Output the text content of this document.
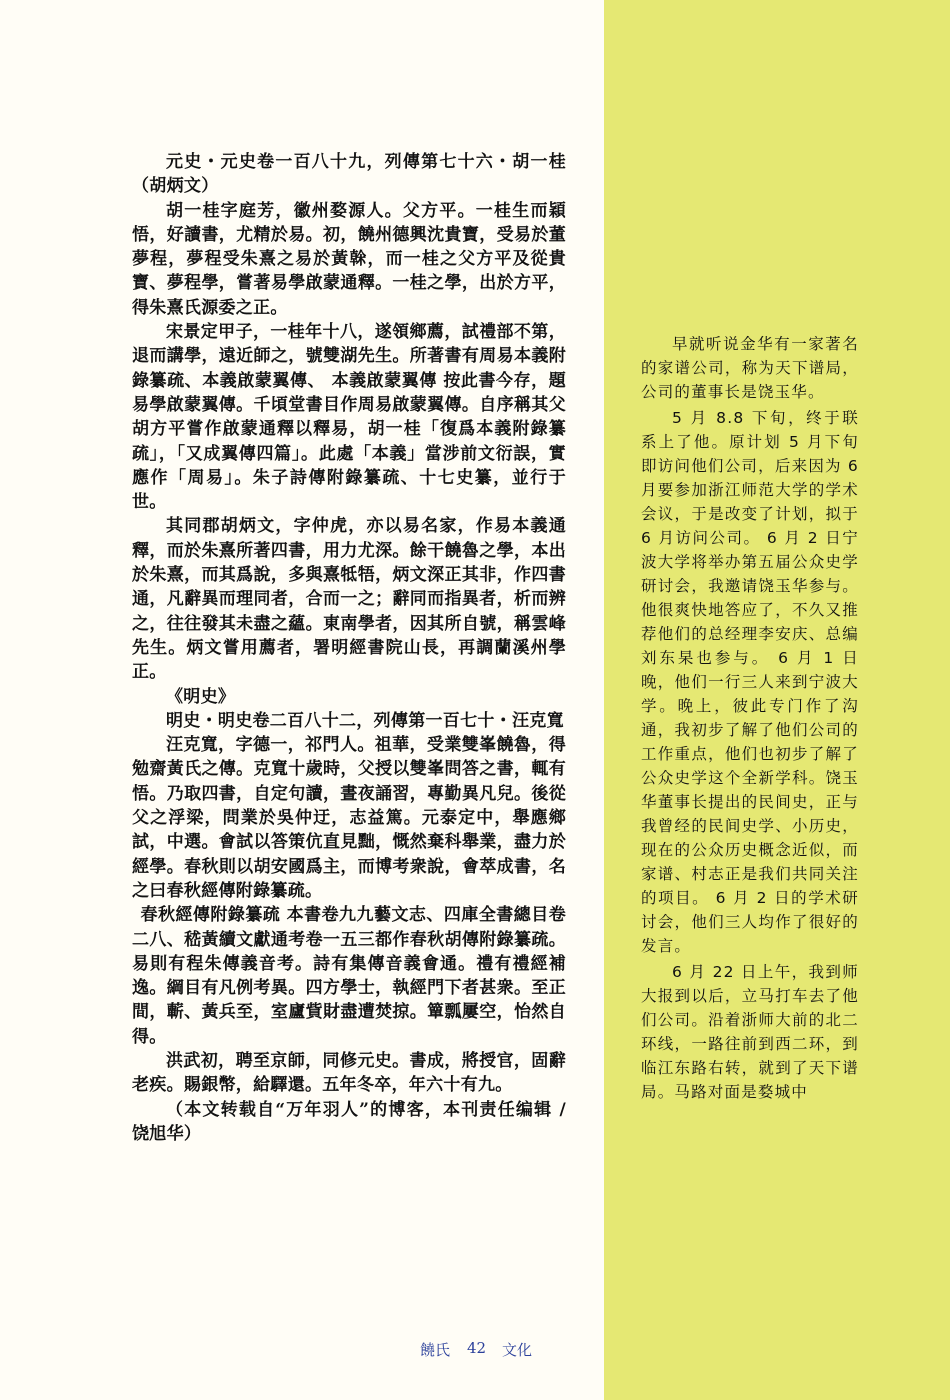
元史・元史卷一百八十九，列傳第七十六・胡一桂（胡炳文）

胡一桂字庭芳，徽州婺源人。父方平。一桂生而穎悟，好讀書，尤精於易。初，饒州德興沈貴寶，受易於董夢程，夢程受朱熹之易於黃榦，而一桂之父方平及從貴寶、夢程學，嘗著易學啟蒙通釋。一桂之學，出於方平，得朱熹氏源委之正。

宋景定甲子，一桂年十八，遂領鄉薦，試禮部不第，退而講學，遠近師之，號雙湖先生。所著書有周易本義附錄纂疏、本義啟蒙翼傳、 本義啟蒙翼傳 按此書今存，題易學啟蒙翼傳。千頃堂書目作周易啟蒙翼傳。自序稱其父胡方平嘗作啟蒙通釋以釋易，胡一桂「復爲本義附錄纂疏」，「又成翼傳四篇」。此處「本義」當涉前文衍誤，實應作「周易」。朱子詩傳附錄纂疏、十七史纂，並行于世。

其同郡胡炳文，字仲虎，亦以易名家，作易本義通釋，而於朱熹所著四書，用力尤深。餘干饒魯之學，本出於朱熹，而其爲說，多與熹牴牾，炳文深正其非，作四書通，凡辭異而理同者，合而一之；辭同而指異者，析而辨之，往往發其未盡之蘊。東南學者，因其所自號，稱雲峰先生。炳文嘗用薦者，署明經書院山長，再調蘭溪州學正。

《明史》

明史・明史卷二百八十二，列傳第一百七十・汪克寬

汪克寬，字德一，祁門人。祖華，受業雙峯饒魯，得勉齋黃氏之傳。克寬十歲時，父授以雙峯問答之書，輒有悟。乃取四書，自定句讀，晝夜誦習，專勤異凡兒。後從父之浮梁，問業於吳仲迂，志益篤。元泰定中，舉應鄉試，中選。會試以答策伉直見黜，慨然棄科舉業，盡力於經學。春秋則以胡安國爲主，而博考衆說，會萃成書，名之曰春秋經傳附錄纂疏。

春秋經傳附錄纂疏 本書卷九九藝文志、四庫全書總目卷二八、嵇黃續文獻通考卷一五三都作春秋胡傳附錄纂疏。易則有程朱傳義音考。詩有集傳音義會通。禮有禮經補逸。綱目有凡例考異。四方學士，執經門下者甚衆。至正間，蘄、黃兵至，室廬貲財盡遭焚掠。簞瓢屢空，怡然自得。

洪武初，聘至京師，同修元史。書成，將授官，固辭老疾。賜銀幣，給驛還。五年冬卒，年六十有九。

（本文转载自“万年羽人”的博客，本刊责任编辑 / 饶旭华）

早就听说金华有一家著名的家谱公司，称为天下谱局，公司的董事长是饶玉华。

5 月 8.8 下旬，终于联系上了他。原计划 5 月下旬即访问他们公司，后来因为 6 月要参加浙江师范大学的学术会议，于是改变了计划，拟于 6 月访问公司。 6 月 2 日宁波大学将举办第五届公众史学研讨会，我邀请饶玉华参与。他很爽快地答应了，不久又推荐他们的总经理李安庆、总编刘东杲也参与。 6 月 1 日晚，他们一行三人来到宁波大学。晚上，彼此专门作了沟通，我初步了解了他们公司的工作重点，他们也初步了解了公众史学这个全新学科。饶玉华董事长提出的民间史，正与我曾经的民间史学、小历史，现在的公众历史概念近似，而家谱、村志正是我们共同关注的项目。 6 月 2 日的学术研讨会，他们三人均作了很好的发言。

6 月 22 日上午，我到师大报到以后，立马打车去了他们公司。沿着浙师大前的北二环线，一路往前到西二环，到临江东路右转，就到了天下谱局。马路对面是婺城中

饒氏 42 文化
